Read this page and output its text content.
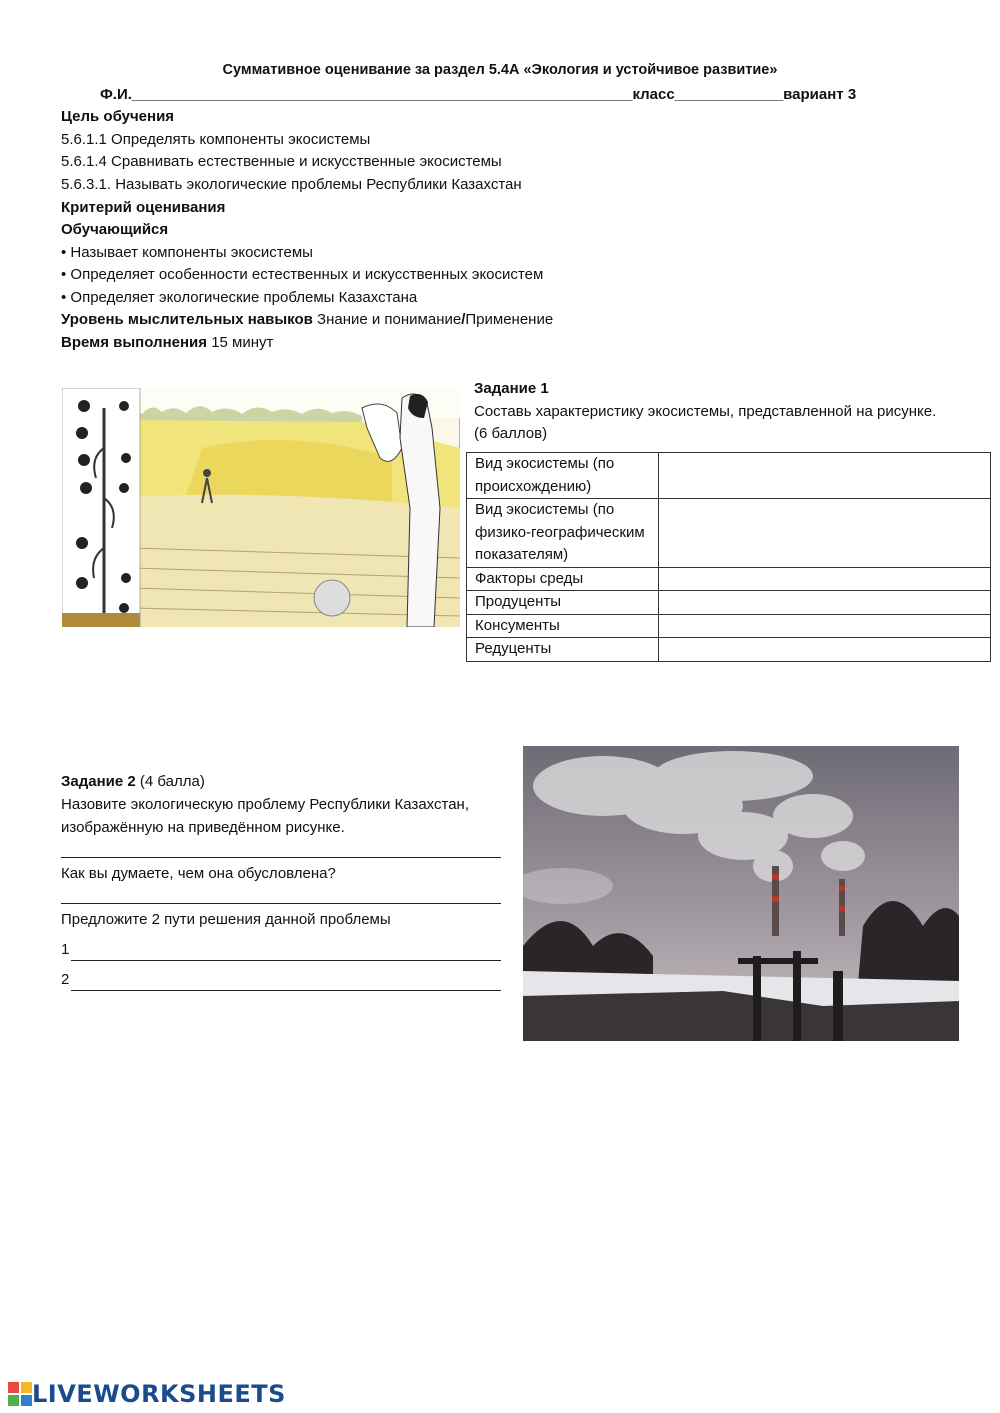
Суммативное оценивание за раздел 5.4А «Экология и устойчивое развитие»
Ф.И.____________________________________________________________класс_____________вариант 3
Цель обучения
5.6.1.1 Определять компоненты экосистемы
5.6.1.4 Сравнивать естественные и искусственные экосистемы
5.6.3.1. Называть экологические проблемы Республики Казахстан
Критерий оценивания
Обучающийся
• Называет компоненты экосистемы
• Определяет особенности естественных и искусственных экосистем
• Определяет экологические проблемы Казахстана
Уровень мыслительных навыков Знание и понимание/Применение
Время выполнения 15 минут
Задание 1
Составь характеристику экосистемы, представленной на рисунке. (6 баллов)
Вид экосистемы (по происхождению)	
Вид экосистемы (по физико-географическим показателям)	
Факторы среды	
Продуценты	
Консументы	
Редуценты	
Задание 2 (4 балла)
Назовите экологическую проблему Республики Казахстан, изображённую на приведённом рисунке.
Как вы думаете, чем она обусловлена?
Предложите 2 пути решения данной проблемы
1
2
LIVEWORKSHEETS
